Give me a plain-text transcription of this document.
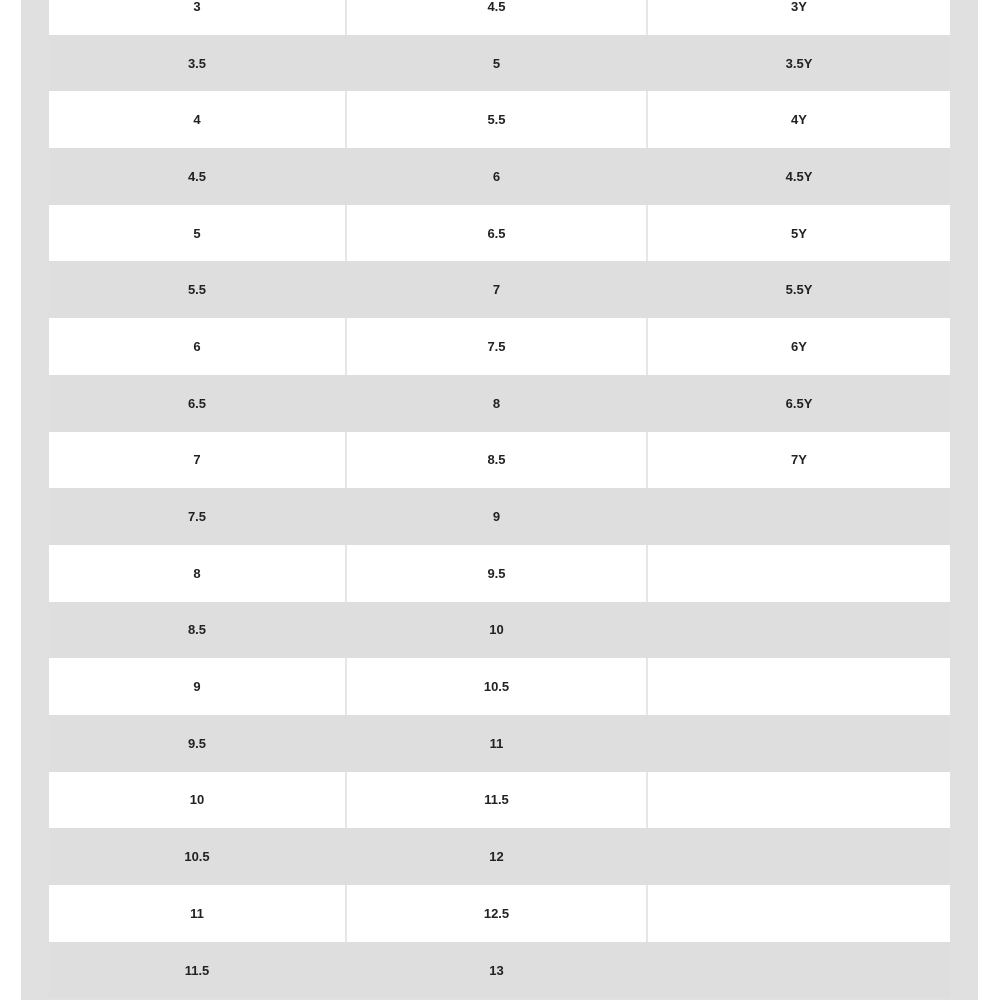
3	4.5	3Y
3.5	5	3.5Y
4	5.5	4Y
4.5	6	4.5Y
5	6.5	5Y
5.5	7	5.5Y
6	7.5	6Y
6.5	8	6.5Y
7	8.5	7Y
7.5	9
8	9.5
8.5	10
9	10.5
9.5	11
10	11.5
10.5	12
11	12.5
11.5	13
